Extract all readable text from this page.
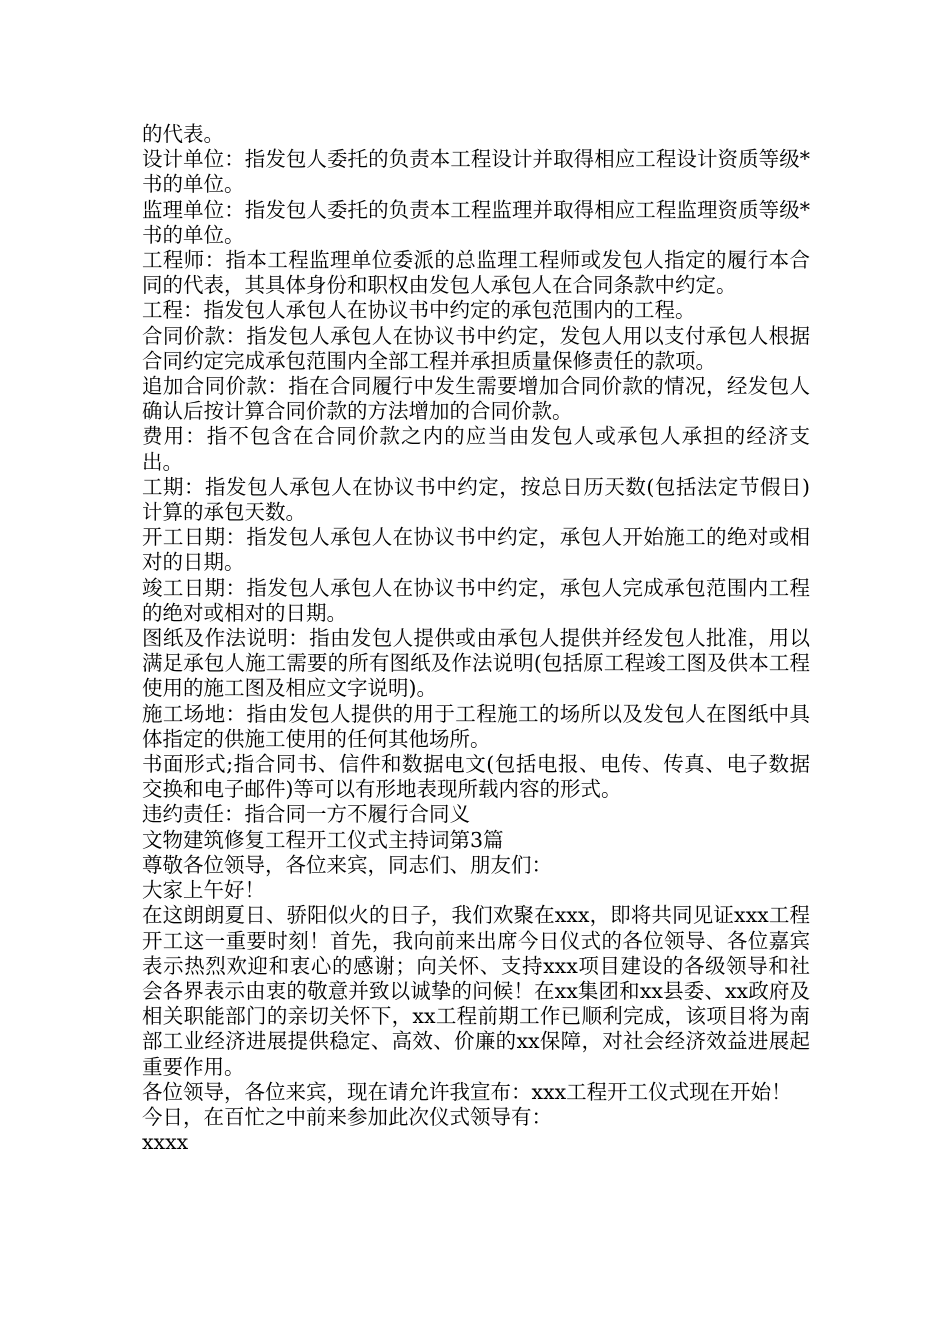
的代表。

设计单位：指发包人委托的负责本工程设计并取得相应工程设计资质等级*书的单位。

监理单位：指发包人委托的负责本工程监理并取得相应工程监理资质等级*书的单位。

工程师：指本工程监理单位委派的总监理工程师或发包人指定的履行本合同的代表，其具体身份和职权由发包人承包人在合同条款中约定。

工程：指发包人承包人在协议书中约定的承包范围内的工程。

合同价款：指发包人承包人在协议书中约定，发包人用以支付承包人根据合同约定完成承包范围内全部工程并承担质量保修责任的款项。

追加合同价款：指在合同履行中发生需要增加合同价款的情况，经发包人确认后按计算合同价款的方法增加的合同价款。

费用：指不包含在合同价款之内的应当由发包人或承包人承担的经济支出。

工期：指发包人承包人在协议书中约定，按总日历天数(包括法定节假日)计算的承包天数。

开工日期：指发包人承包人在协议书中约定，承包人开始施工的绝对或相对的日期。

竣工日期：指发包人承包人在协议书中约定，承包人完成承包范围内工程的绝对或相对的日期。

图纸及作法说明：指由发包人提供或由承包人提供并经发包人批准，用以满足承包人施工需要的所有图纸及作法说明(包括原工程竣工图及供本工程使用的施工图及相应文字说明)。

施工场地：指由发包人提供的用于工程施工的场所以及发包人在图纸中具体指定的供施工使用的任何其他场所。

书面形式;指合同书、信件和数据电文(包括电报、电传、传真、电子数据交换和电子邮件)等可以有形地表现所载内容的形式。

违约责任：指合同一方不履行合同义

文物建筑修复工程开工仪式主持词第3篇

尊敬各位领导，各位来宾，同志们、朋友们：

大家上午好！

在这朗朗夏日、骄阳似火的日子，我们欢聚在xxx，即将共同见证xxx工程开工这一重要时刻！首先，我向前来出席今日仪式的各位领导、各位嘉宾表示热烈欢迎和衷心的感谢；向关怀、支持xxx项目建设的各级领导和社会各界表示由衷的敬意并致以诚挚的问候！在xx集团和xx县委、xx政府及相关职能部门的亲切关怀下，xx工程前期工作已顺利完成，该项目将为南部工业经济进展提供稳定、高效、价廉的xx保障，对社会经济效益进展起重要作用。

各位领导，各位来宾，现在请允许我宣布：xxx工程开工仪式现在开始！

今日，在百忙之中前来参加此次仪式领导有：

xxxx
